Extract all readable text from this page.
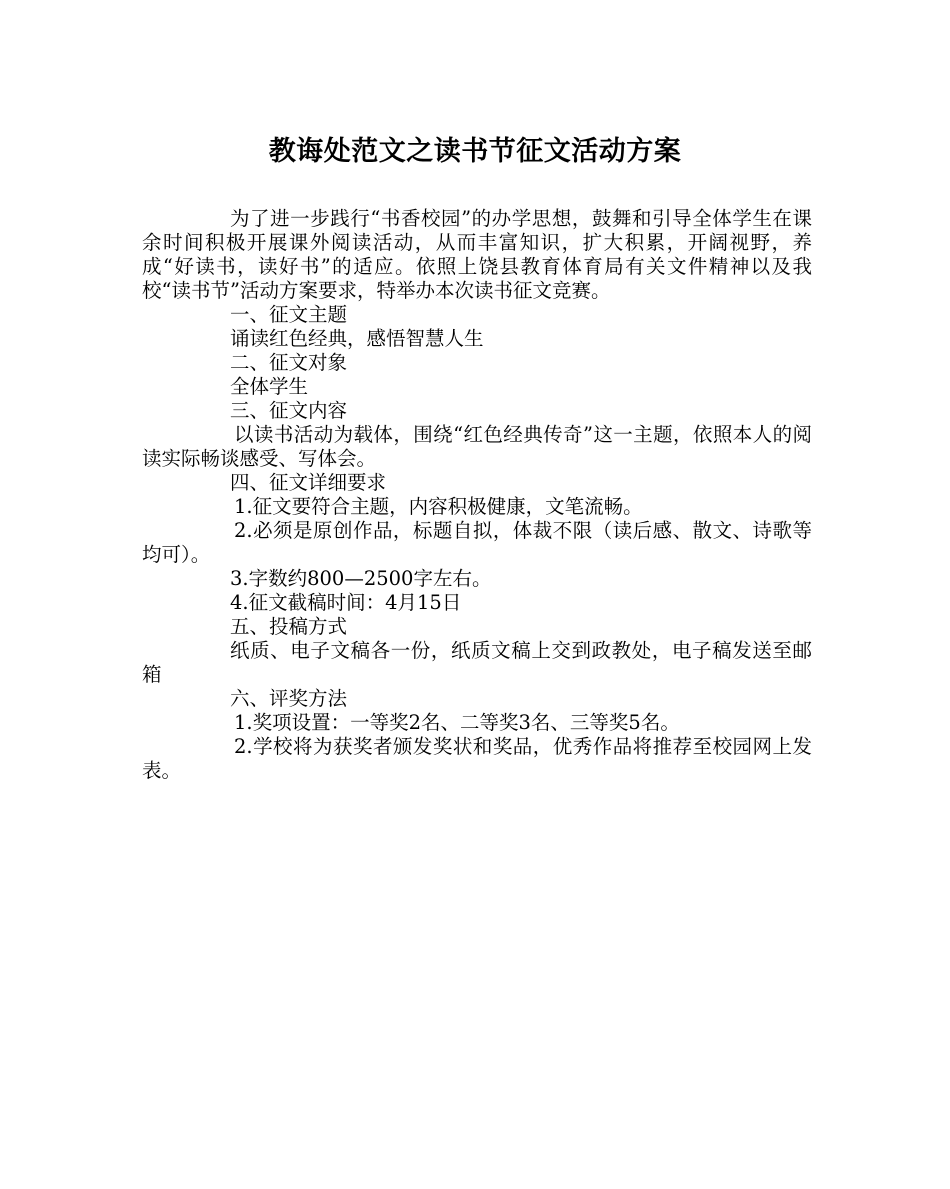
教诲处范文之读书节征文活动方案

为了进一步践行“书香校园”的办学思想，鼓舞和引导全体学生在课余时间积极开展课外阅读活动，从而丰富知识，扩大积累，开阔视野，养成“好读书，读好书”的适应。依照上饶县教育体育局有关文件精神以及我校“读书节”活动方案要求，特举办本次读书征文竞赛。

一、征文主题

诵读红色经典，感悟智慧人生

二、征文对象

全体学生

三、征文内容

以读书活动为载体，围绕“红色经典传奇”这一主题，依照本人的阅读实际畅谈感受、写体会。

四、征文详细要求

1.征文要符合主题，内容积极健康，文笔流畅。

2.必须是原创作品，标题自拟，体裁不限（读后感、散文、诗歌等均可）。

3.字数约800—2500字左右。

4.征文截稿时间：4月15日

五、投稿方式

纸质、电子文稿各一份，纸质文稿上交到政教处，电子稿发送至邮箱

六、评奖方法

1.奖项设置：一等奖2名、二等奖3名、三等奖5名。

2.学校将为获奖者颁发奖状和奖品，优秀作品将推荐至校园网上发表。
